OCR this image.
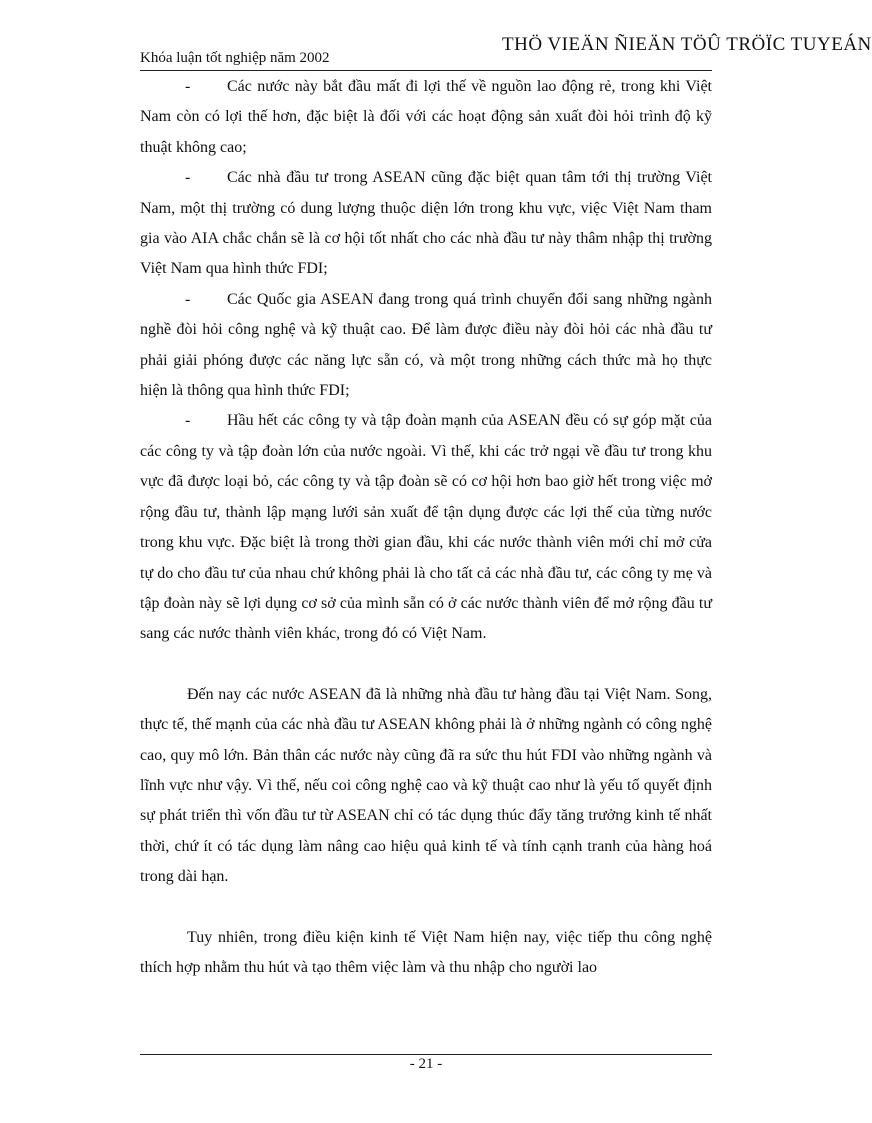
Khóa luận tốt nghiệp năm 2002
THÖ VIEÄN ÑIEÄN TÖÛ TRÖÏC TUYEÁN

- Các nước này bắt đầu mất đi lợi thế về nguồn lao động rẻ, trong khi Việt Nam còn có lợi thế hơn, đặc biệt là đối với các hoạt động sản xuất đòi hỏi trình độ kỹ thuật không cao;

- Các nhà đầu tư trong ASEAN cũng đặc biệt quan tâm tới thị trường Việt Nam, một thị trường có dung lượng thuộc diện lớn trong khu vực, việc Việt Nam tham gia vào AIA chắc chắn sẽ là cơ hội tốt nhất cho các nhà đầu tư này thâm nhập thị trường Việt Nam qua hình thức FDI;

- Các Quốc gia ASEAN đang trong quá trình chuyển đổi sang những ngành nghề đòi hỏi công nghệ và kỹ thuật cao. Để làm được điều này đòi hỏi các nhà đầu tư phải giải phóng được các năng lực sẵn có, và một trong những cách thức mà họ thực hiện là thông qua hình thức FDI;

- Hầu hết các công ty và tập đoàn mạnh của ASEAN đều có sự góp mặt của các công ty và tập đoàn lớn của nước ngoài. Vì thế, khi các trở ngại về đầu tư trong khu vực đã được loại bỏ, các công ty và tập đoàn sẽ có cơ hội hơn bao giờ hết trong việc mở rộng đầu tư, thành lập mạng lưới sản xuất để tận dụng được các lợi thế của từng nước trong khu vực. Đặc biệt là trong thời gian đầu, khi các nước thành viên mới chỉ mở cửa tự do cho đầu tư của nhau chứ không phải là cho tất cả các nhà đầu tư, các công ty mẹ và tập đoàn này sẽ lợi dụng cơ sở của mình sẵn có ở các nước thành viên để mở rộng đầu tư sang các nước thành viên khác, trong đó có Việt Nam.

Đến nay các nước ASEAN đã là những nhà đầu tư hàng đầu tại Việt Nam. Song, thực tế, thế mạnh của các nhà đầu tư ASEAN không phải là ở những ngành có công nghệ cao, quy mô lớn. Bản thân các nước này cũng đã ra sức thu hút FDI vào những ngành và lĩnh vực như vậy. Vì thế, nếu coi công nghệ cao và kỹ thuật cao như là yếu tố quyết định sự phát triển thì vốn đầu tư từ ASEAN chỉ có tác dụng thúc đẩy tăng trưởng kinh tế nhất thời, chứ ít có tác dụng làm nâng cao hiệu quả kinh tế và tính cạnh tranh của hàng hoá trong dài hạn.

Tuy nhiên, trong điều kiện kinh tế Việt Nam hiện nay, việc tiếp thu công nghệ thích hợp nhằm thu hút và tạo thêm việc làm và thu nhập cho người lao

- 21 -
